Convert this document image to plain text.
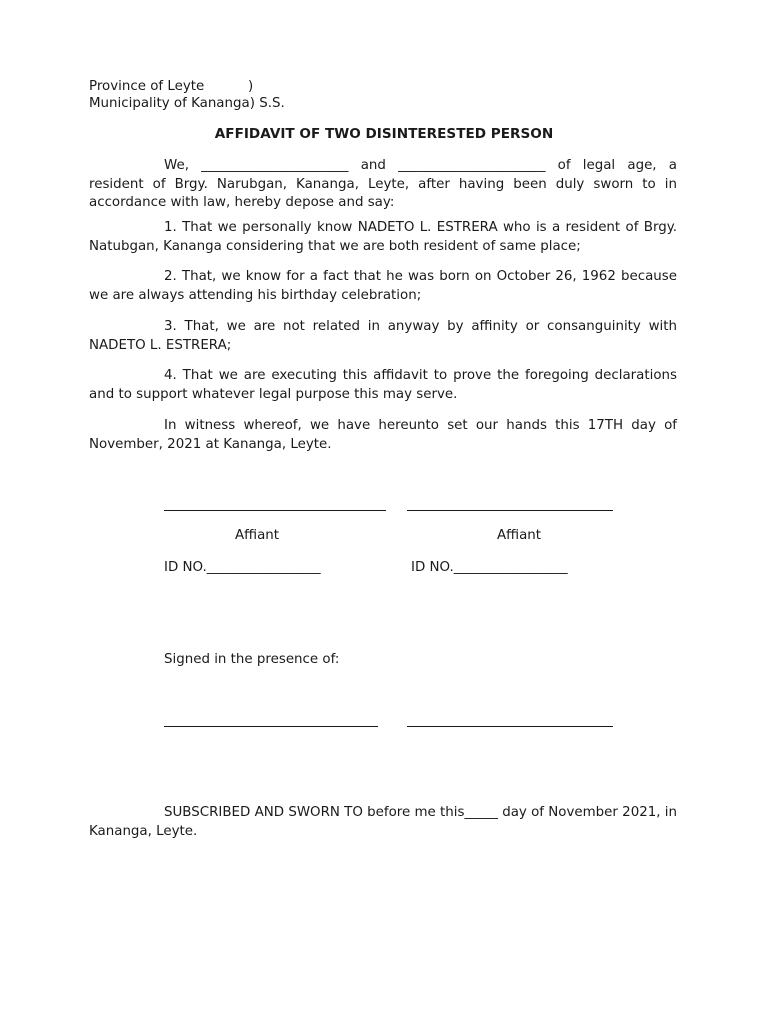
Province of Leyte	)

Municipality of Kananga) S.S.

AFFIDAVIT OF TWO DISINTERESTED PERSON

We, ______________________ and ______________________ of legal age, a resident of Brgy. Narubgan, Kananga, Leyte, after having been duly sworn to in accordance with law, hereby depose and say:

1. That we personally know NADETO L. ESTRERA who is a resident of Brgy. Natubgan, Kananga considering that we are both resident of same place;

2. That, we know for a fact that he was born on October 26, 1962 because we are always attending his birthday celebration;

3. That, we are not related in anyway by affinity or consanguinity with NADETO L. ESTRERA;

4. That we are executing this affidavit to prove the foregoing declarations and to support whatever legal purpose this may serve.

In witness whereof, we have hereunto set our hands this 17TH day of November, 2021 at Kananga, Leyte.

Affiant	Affiant

ID NO._________________	ID NO._________________

Signed in the presence of:

SUBSCRIBED AND SWORN TO before me this_____ day of November 2021, in Kananga, Leyte.
